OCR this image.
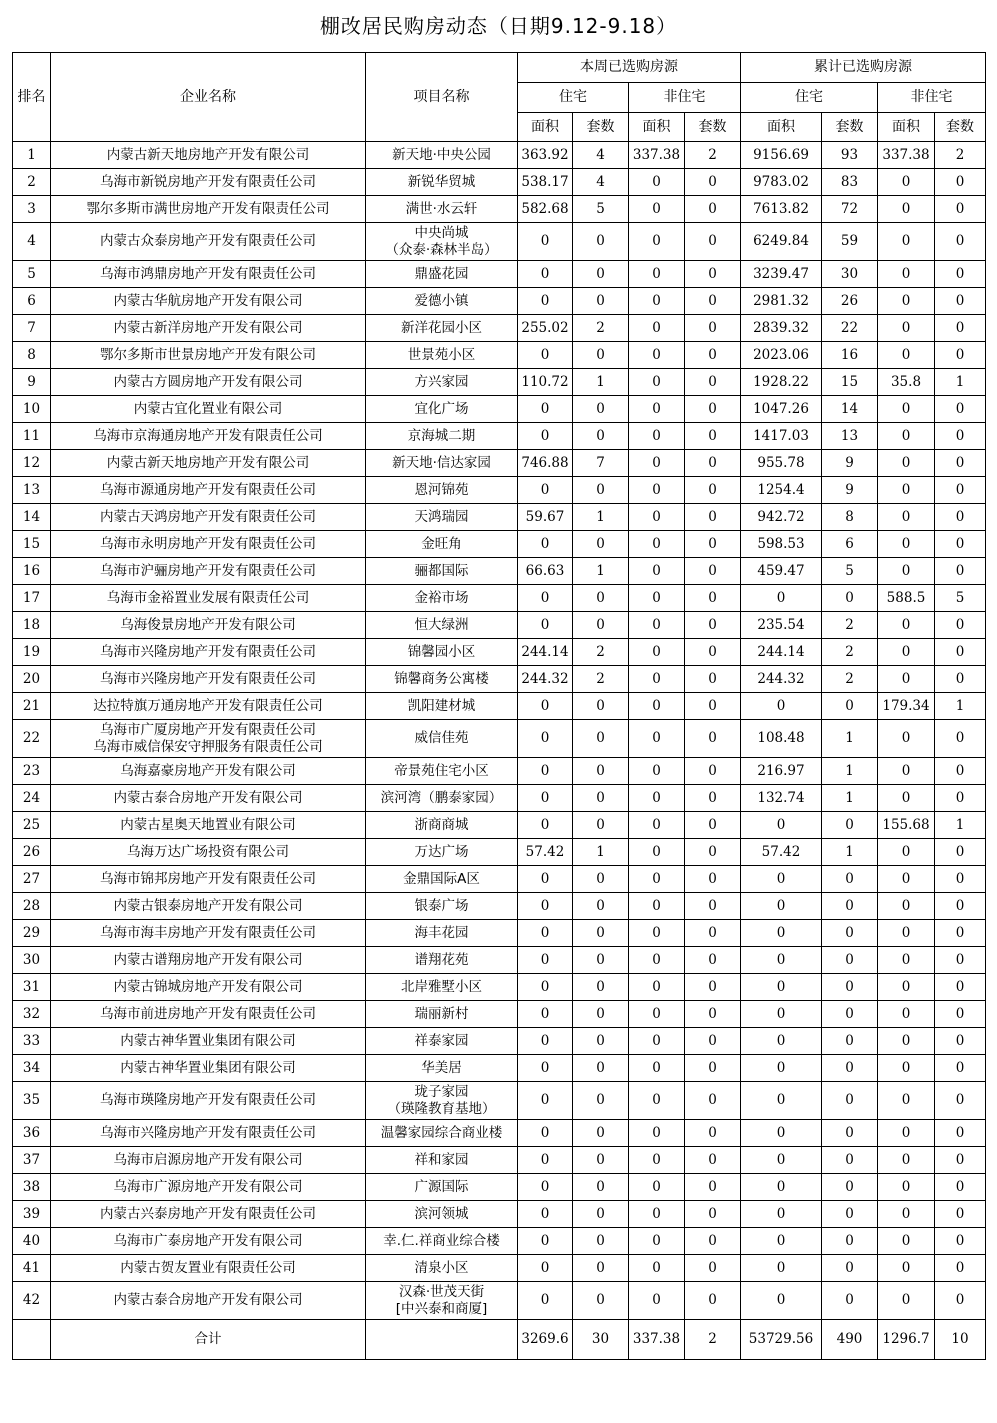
棚改居民购房动态（日期9.12-9.18）
排名	企业名称	项目名称	本周已选购房源				累计已选购房源			
			住宅		非住宅		住宅		非住宅	
			面积	套数	面积	套数	面积	套数	面积	套数
1	内蒙古新天地房地产开发有限公司	新天地·中央公园	363.92	4	337.38	2	9156.69	93	337.38	2
2	乌海市新锐房地产开发有限责任公司	新锐华贸城	538.17	4	0	0	9783.02	83	0	0
3	鄂尔多斯市满世房地产开发有限责任公司	满世·水云轩	582.68	5	0	0	7613.82	72	0	0
4	内蒙古众泰房地产开发有限责任公司	中央尚城
（众泰·森林半岛）	0	0	0	0	6249.84	59	0	0
5	乌海市鸿鼎房地产开发有限责任公司	鼎盛花园	0	0	0	0	3239.47	30	0	0
6	内蒙古华航房地产开发有限公司	爱德小镇	0	0	0	0	2981.32	26	0	0
7	内蒙古新洋房地产开发有限公司	新洋花园小区	255.02	2	0	0	2839.32	22	0	0
8	鄂尔多斯市世景房地产开发有限公司	世景苑小区	0	0	0	0	2023.06	16	0	0
9	内蒙古方圆房地产开发有限公司	方兴家园	110.72	1	0	0	1928.22	15	35.8	1
10	内蒙古宜化置业有限公司	宜化广场	0	0	0	0	1047.26	14	0	0
11	乌海市京海通房地产开发有限责任公司	京海城二期	0	0	0	0	1417.03	13	0	0
12	内蒙古新天地房地产开发有限公司	新天地·信达家园	746.88	7	0	0	955.78	9	0	0
13	乌海市源通房地产开发有限责任公司	恩河锦苑	0	0	0	0	1254.4	9	0	0
14	内蒙古天鸿房地产开发有限责任公司	天鸿瑞园	59.67	1	0	0	942.72	8	0	0
15	乌海市永明房地产开发有限责任公司	金旺角	0	0	0	0	598.53	6	0	0
16	乌海市沪骊房地产开发有限责任公司	骊都国际	66.63	1	0	0	459.47	5	0	0
17	乌海市金裕置业发展有限责任公司	金裕市场	0	0	0	0	0	0	588.5	5
18	乌海俊景房地产开发有限公司	恒大绿洲	0	0	0	0	235.54	2	0	0
19	乌海市兴隆房地产开发有限责任公司	锦馨园小区	244.14	2	0	0	244.14	2	0	0
20	乌海市兴隆房地产开发有限责任公司	锦馨商务公寓楼	244.32	2	0	0	244.32	2	0	0
21	达拉特旗万通房地产开发有限责任公司	凯阳建材城	0	0	0	0	0	0	179.34	1
22	乌海市广厦房地产开发有限责任公司
乌海市威信保安守押服务有限责任公司	威信佳苑	0	0	0	0	108.48	1	0	0
23	乌海嘉豪房地产开发有限公司	帝景苑住宅小区	0	0	0	0	216.97	1	0	0
24	内蒙古泰合房地产开发有限公司	滨河湾（鹏泰家园）	0	0	0	0	132.74	1	0	0
25	内蒙古星奥天地置业有限公司	浙商商城	0	0	0	0	0	0	155.68	1
26	乌海万达广场投资有限公司	万达广场	57.42	1	0	0	57.42	1	0	0
27	乌海市锦邦房地产开发有限责任公司	金鼎国际A区	0	0	0	0	0	0	0	0
28	内蒙古银泰房地产开发有限公司	银泰广场	0	0	0	0	0	0	0	0
29	乌海市海丰房地产开发有限责任公司	海丰花园	0	0	0	0	0	0	0	0
30	内蒙古谱翔房地产开发有限公司	谱翔花苑	0	0	0	0	0	0	0	0
31	内蒙古锦城房地产开发有限公司	北岸雅墅小区	0	0	0	0	0	0	0	0
32	乌海市前进房地产开发有限责任公司	瑞丽新村	0	0	0	0	0	0	0	0
33	内蒙古神华置业集团有限公司	祥泰家园	0	0	0	0	0	0	0	0
34	内蒙古神华置业集团有限公司	华美居	0	0	0	0	0	0	0	0
35	乌海市瑛隆房地产开发有限责任公司	珑子家园
（瑛隆教育基地）	0	0	0	0	0	0	0	0
36	乌海市兴隆房地产开发有限责任公司	温馨家园综合商业楼	0	0	0	0	0	0	0	0
37	乌海市启源房地产开发有限公司	祥和家园	0	0	0	0	0	0	0	0
38	乌海市广源房地产开发有限公司	广源国际	0	0	0	0	0	0	0	0
39	内蒙古兴泰房地产开发有限责任公司	滨河领城	0	0	0	0	0	0	0	0
40	乌海市广泰房地产开发有限公司	幸.仁.祥商业综合楼	0	0	0	0	0	0	0	0
41	内蒙古贺友置业有限责任公司	清泉小区	0	0	0	0	0	0	0	0
42	内蒙古泰合房地产开发有限公司	汉森·世茂天街
[中兴泰和商厦]	0	0	0	0	0	0	0	0
	合计		3269.6	30	337.38	2	53729.56	490	1296.7	10
